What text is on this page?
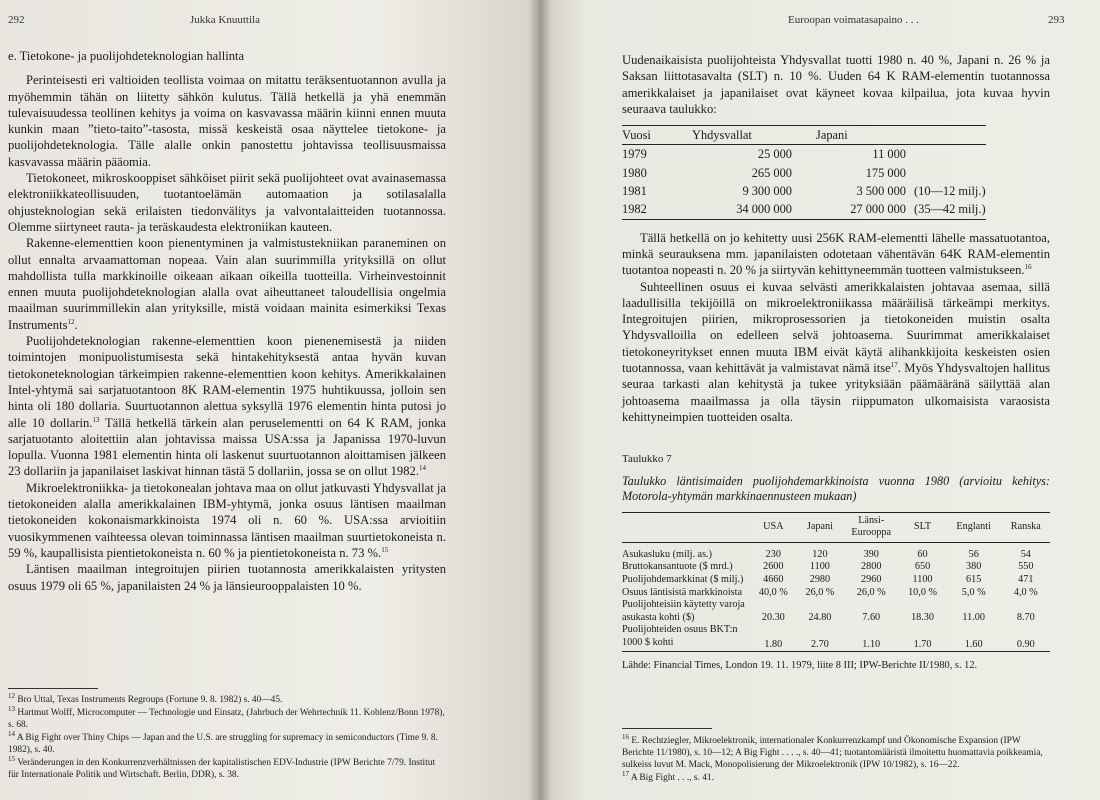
292	Jukka Knuuttila

e. Tietokone- ja puolijohdeteknologian hallinta

Perinteisesti eri valtioiden teollista voimaa on mitattu teräksentuotannon avulla ja myöhemmin tähän on liitetty sähkön kulutus. Tällä hetkellä ja yhä enemmän tulevaisuudessa teollinen kehitys ja voima on kasvavassa määrin kiinni ennen muuta kunkin maan ”tieto-taito”-tasosta, missä keskeistä osaa näyttelee tietokone- ja puolijohdeteknologia. Tälle alalle onkin panostettu johtavissa teollisuusmaissa kasvavassa määrin pääomia.

Tietokoneet, mikroskooppiset sähköiset piirit sekä puolijohteet ovat avainasemassa elektroniikkateollisuuden, tuotantoelämän automaation ja sotilasalalla ohjusteknologian sekä erilaisten tiedonvälitys ja valvontalaitteiden tuotannossa. Olemme siirtyneet rauta- ja teräskaudesta elektroniikan kauteen.

Rakenne-elementtien koon pienentyminen ja valmistustekniikan paraneminen on ollut ennalta arvaamattoman nopeaa. Vain alan suurimmilla yrityksillä on ollut mahdollista tulla markkinoille oikeaan aikaan oikeilla tuotteilla. Virheinvestoinnit ennen muuta puolijohdeteknologian alalla ovat aiheuttaneet taloudellisia ongelmia maailman suurimmillekin alan yrityksille, mistä voidaan mainita esimerkiksi Texas Instruments$^{12}$.

Puolijohdeteknologian rakenne-elementtien koon pienenemisestä ja niiden toimintojen monipuolistumisesta sekä hintakehityksestä antaa hyvän kuvan tietokoneteknologian tärkeimpien rakenne-elementtien koon kehitys. Amerikkalainen Intel-yhtymä sai sarjatuotantoon 8K RAM-elementin 1975 huhtikuussa, jolloin sen hinta oli 180 dollaria. Suurtuotannon alettua syksyllä 1976 elementin hinta putosi jo alle 10 dollarin.$^{13}$ Tällä hetkellä tärkein alan peruselementti on 64 K RAM, jonka sarjatuotanto aloitettiin alan johtavissa maissa USA:ssa ja Japanissa 1970-luvun lopulla. Vuonna 1981 elementin hinta oli laskenut suurtuotannon aloittamisen jälkeen 23 dollariin ja japanilaiset laskivat hinnan tästä 5 dollariin, jossa se on ollut 1982.14

Mikroelektroniikka- ja tietokonealan johtava maa on ollut jatkuvasti Yhdysvallat ja tietokoneiden alalla amerikkalainen IBM-yhtymä, jonka osuus läntisen maailman tietokoneiden kokonaismarkkinoista 1974 oli n. 60 %. USA:ssa arvioitiin vuosikymmenen vaihteessa olevan toiminnassa läntisen maailman suurtietokoneista n. 59 %, kaupallisista pientietokoneista n. 60 % ja pientietokoneista n. 73 %.$^{15}$

Läntisen maailman integroitujen piirien tuotannosta amerikkalaisten yritysten osuus 1979 oli 65 %, japanilaisten 24 % ja länsieurooppalaisten 10 %.

$^{12}$ Bro Uttal, Texas Instruments Regroups (Fortune 9. 8. 1982) s. 40—45.

$^{13}$ Hartmut Wolff, Microcomputer — Technologie und Einsatz, (Jahrbuch der Wehrtechnik 11. Koblenz/Bonn 1978), s. 68.

$^{14}$ A Big Fight over Thiny Chips — Japan and the U.S. are struggling for supremacy in semiconductors (Time 9. 8. 1982), s. 40.

$^{15}$ Veränderungen in den Konkurrenzverhältnissen der kapitalistischen EDV-Industrie (IPW Berichte 7/79. Institut für Internationale Politik und Wirtschaft. Berlin, DDR), s. 38.

Euroopan voimatasapaino . . .	293

Uudenaikaisista puolijohteista Yhdysvallat tuotti 1980 n. 40 %, Japani n. 26 % ja Saksan liittotasavalta (SLT) n. 10 %. Uuden 64 K RAM-elementin tuotannossa amerikkalaiset ja japanilaiset ovat käyneet kovaa kilpailua, jota kuvaa hyvin seuraava taulukko:

Vuosi	Yhdysvallat	Japani	
1979	25 000	11 000	
1980	265 000	175 000	
1981	9 300 000	3 500 000	(10—12 milj.)
1982	34 000 000	27 000 000	(35—42 milj.)

Tällä hetkellä on jo kehitetty uusi 256K RAM-elementti lähelle massatuotantoa, minkä seurauksena mm. japanilaisten odotetaan vähentävän 64K RAM-elementin tuotantoa nopeasti n. 20 % ja siirtyvän kehittyneemmän tuotteen valmistukseen.$^{16}$

Suhteellinen osuus ei kuvaa selvästi amerikkalaisten johtavaa asemaa, sillä laadullisilla tekijöillä on mikroelektroniikassa määräilisä tärkeämpi merkitys. Integroitujen piirien, mikroprosessorien ja tietokoneiden muistin osalta Yhdysvalloilla on edelleen selvä johtoasema. Suurimmat amerikkalaiset tietokoneyritykset ennen muuta IBM eivät käytä alihankkijoita keskeisten osien tuotannossa, vaan kehittävät ja valmistavat nämä itse$^{17}$. Myös Yhdysvaltojen hallitus seuraa tarkasti alan kehitystä ja tukee yrityksiään päämääränä säilyttää alan johtoasema maailmassa ja olla täysin riippumaton ulkomaisista varaosista kehittyneimpien tuotteiden osalta.

Taulukko 7
Taulukko läntisimaiden puolijohdemarkkinoista vuonna 1980 (arvioitu kehitys: Motorola-yhtymän markkinaennusteen mukaan)
	USA	Japani	Länsi-Eurooppa	SLT	Englanti	Ranska
Asukasluku (milj. as.)	230	120	390	60	56	54
Bruttokansantuote ($ mrd.)	2600	1100	2800	650	380	550
Puolijohdemarkkinat ($ milj.)	4660	2980	2960	1100	615	471
Osuus läntisistä markkinoista	40,0 %	26,0 %	26,0 %	10,0 %	5,0 %	4,0 %
Puolijohteisiin käytetty varoja asukasta kohti ($)	20.30	24.80	7.60	18.30	11.00	8.70
Puolijohteiden osuus BKT:n 1000 $ kohti	1.80	2.70	1.10	1.70	1.60	0.90
Lähde: Financial Times, London 19. 11. 1979, liite 8 III; IPW-Berichte II/1980, s. 12.

$^{16}$ E. Rechtziegler, Mikroelektronik, internationaler Konkurrenzkampf und Ökonomische Expansion (IPW Berichte 11/1980), s. 10—12; A Big Fight . . . ., s. 40—41; tuotantomääristä ilmoitettu huomattavia poikkeamia, sulkeiss luvut M. Mack, Monopolisierung der Mikroelektronik (IPW 10/1982), s. 16—22.

$^{17}$ A Big Fight . . ., s. 41.
